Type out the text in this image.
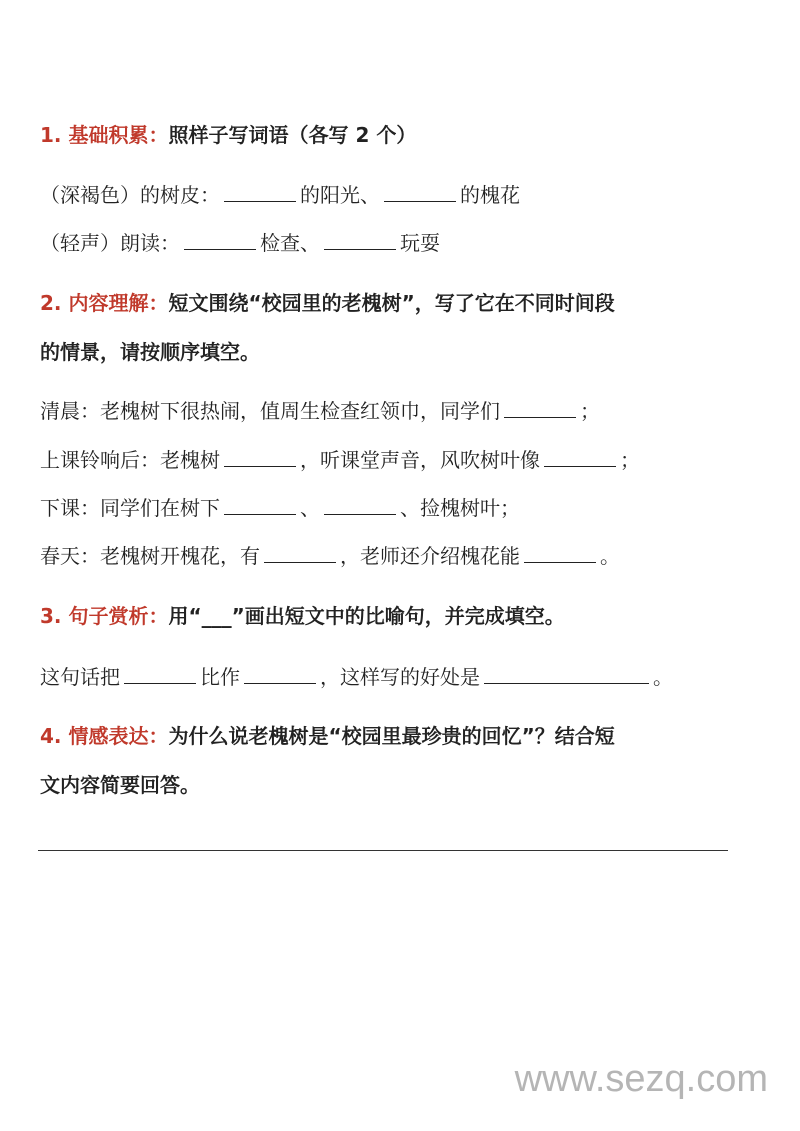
1. 基础积累：照样子写词语（各写 2 个）
（深褐色）的树皮：	的阳光、	的槐花
（轻声）朗读：	检查、	玩耍
2. 内容理解：短文围绕“校园里的老槐树”，写了它在不同时间段
的情景，请按顺序填空。
清晨：老槐树下很热闹，值周生检查红领巾，同学们	；
上课铃响后：老槐树	，听课堂声音，风吹树叶像	；
下课：同学们在树下	、	、捡槐树叶；
春天：老槐树开槐花，有	，老师还介绍槐花能	。
3. 句子赏析：用“___”画出短文中的比喻句，并完成填空。
这句话把	比作	，这样写的好处是	。
4. 情感表达：为什么说老槐树是“校园里最珍贵的回忆”？结合短
文内容简要回答。
www.sezq.com
